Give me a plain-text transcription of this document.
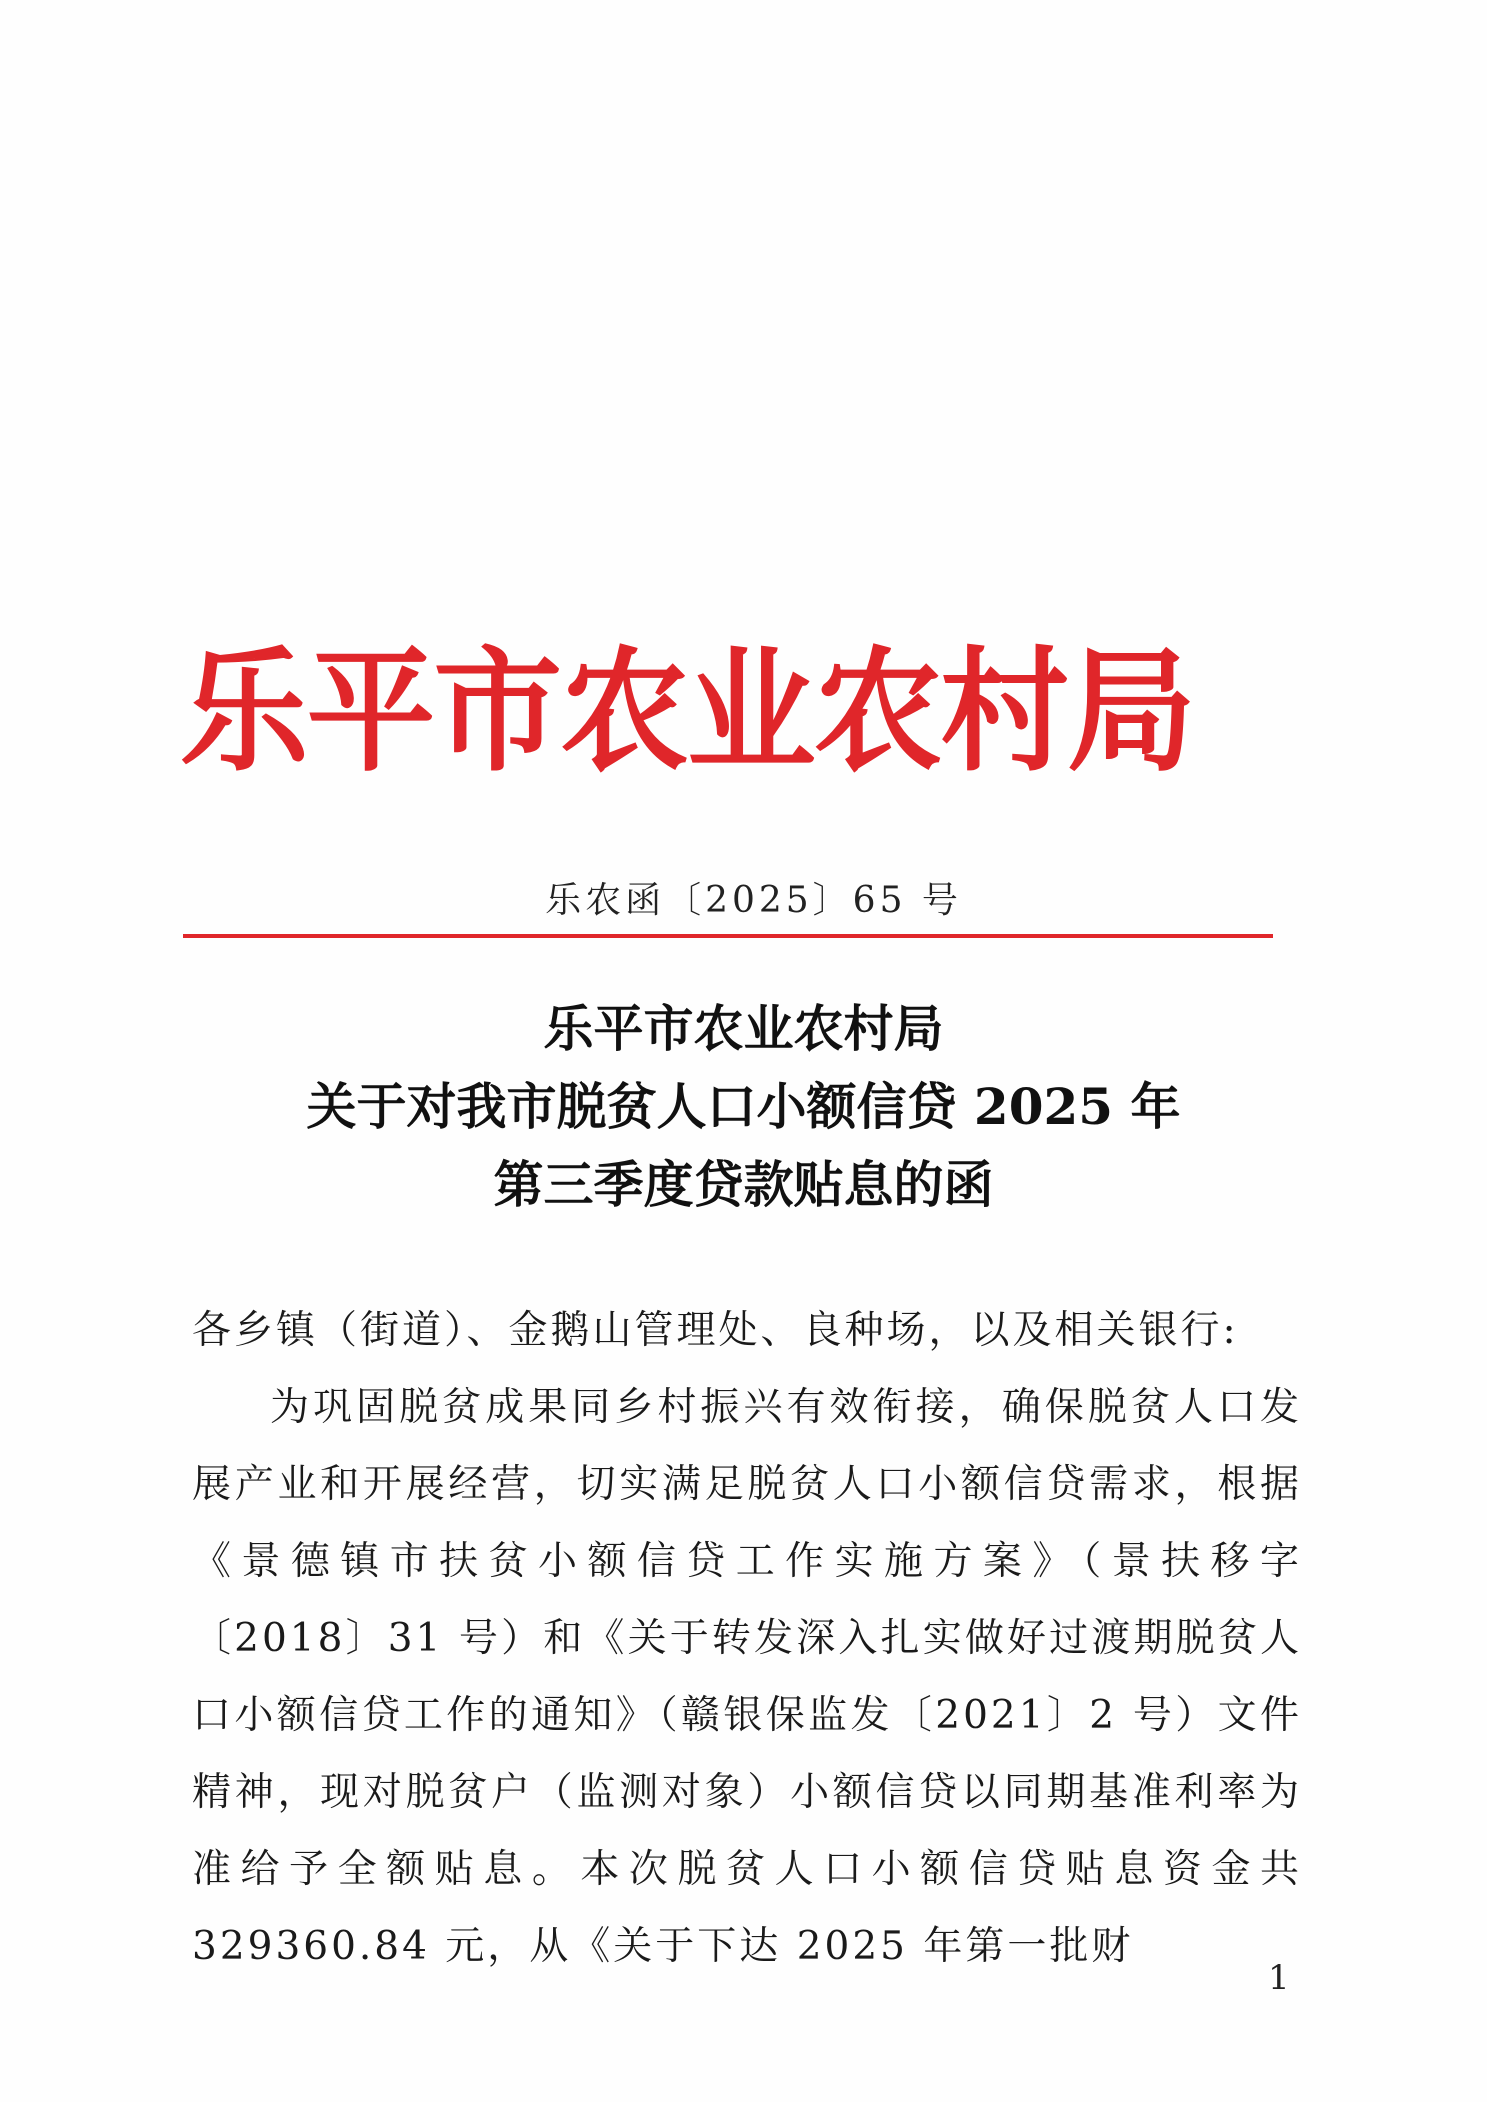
乐平市农业农村局
乐农函〔2025〕65 号
乐平市农业农村局
关于对我市脱贫人口小额信贷 2025 年
第三季度贷款贴息的函

各乡镇（街道）、金鹅山管理处、良种场，以及相关银行:

为巩固脱贫成果同乡村振兴有效衔接，确保脱贫人口发展产业和开展经营，切实满足脱贫人口小额信贷需求，根据《景德镇市扶贫小额信贷工作实施方案》（景扶移字〔2018〕31 号）和《关于转发深入扎实做好过渡期脱贫人口小额信贷工作的通知》（赣银保监发〔2021〕2 号）文件精神，现对脱贫户（监测对象）小额信贷以同期基准利率为准给予全额贴息。本次脱贫人口小额信贷贴息资金共 329360.84 元，从《关于下达 2025 年第一批财

1
